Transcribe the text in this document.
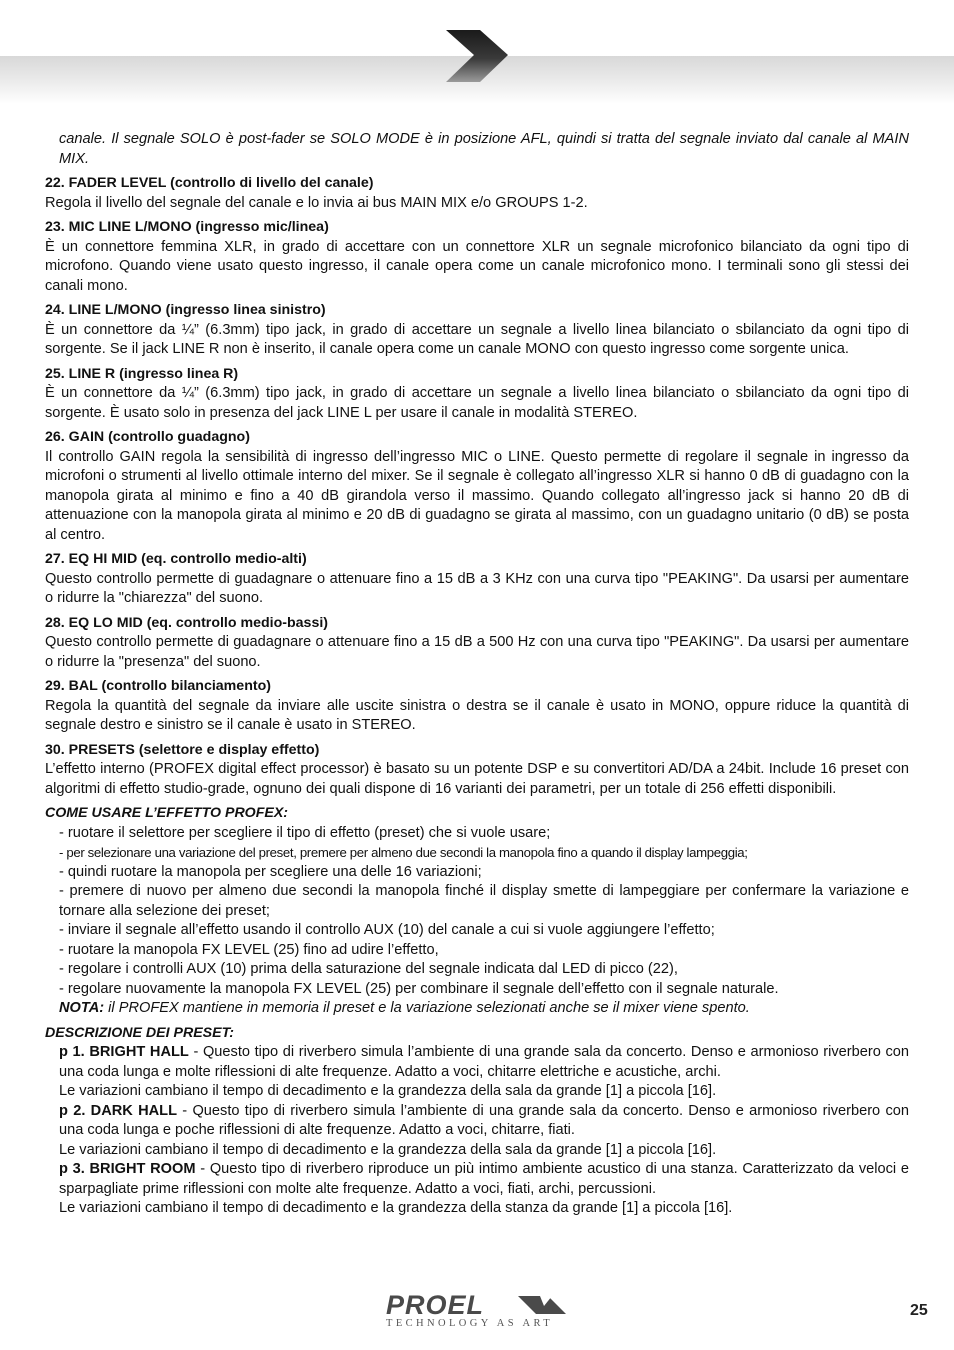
canale. Il segnale SOLO è post-fader se SOLO MODE è in posizione AFL, quindi si tratta del segnale inviato dal canale al MAIN MIX.

22. FADER LEVEL (controllo di livello del canale)

Regola il livello del segnale del canale e lo invia ai bus MAIN MIX e/o GROUPS 1-2.

23. MIC LINE L/MONO (ingresso mic/linea)

È un connettore femmina XLR, in grado di accettare con un connettore XLR un segnale microfonico bilanciato da ogni tipo di microfono. Quando viene usato questo ingresso, il canale opera come un canale microfonico mono. I terminali sono gli stessi dei canali mono.

24. LINE L/MONO (ingresso linea sinistro)

È un connettore da ¼” (6.3mm) tipo jack, in grado di accettare un segnale a livello linea bilanciato o sbilanciato da ogni tipo di sorgente. Se il jack LINE R non è inserito, il canale opera come un canale MONO con questo ingresso come sorgente unica.

25. LINE R (ingresso linea R)

È un connettore da ¼” (6.3mm) tipo jack, in grado di accettare un segnale a livello linea bilanciato o sbilanciato da ogni tipo di sorgente. È usato solo in presenza del jack LINE L per usare il canale in modalità STEREO.

26. GAIN (controllo guadagno)

Il controllo GAIN regola la sensibilità di ingresso dell’ingresso MIC o LINE. Questo permette di regolare il segnale in ingresso da microfoni o strumenti al livello ottimale interno del mixer. Se il segnale è collegato all’ingresso XLR si hanno 0 dB di guadagno con la manopola girata al minimo e fino a 40 dB girandola verso il massimo. Quando collegato all’ingresso jack si hanno 20 dB di attenuazione con la manopola girata al minimo e 20 dB di guadagno se girata al massimo, con un guadagno unitario (0 dB) se posta al centro.

27. EQ HI MID (eq. controllo medio-alti)

Questo controllo permette di guadagnare o attenuare fino a 15 dB a 3 KHz con una curva tipo "PEAKING". Da usarsi per aumentare o ridurre la "chiarezza" del suono.

28. EQ LO MID (eq. controllo medio-bassi)

Questo controllo permette di guadagnare o attenuare fino a 15 dB a 500 Hz con una curva tipo "PEAKING". Da usarsi per aumentare o ridurre la "presenza" del suono.

29. BAL (controllo bilanciamento)

Regola la quantità del segnale da inviare alle uscite sinistra o destra se il canale è usato in MONO, oppure riduce la quantità di segnale destro e sinistro se il canale è usato in STEREO.

30. PRESETS (selettore e display effetto)

L’effetto interno (PROFEX digital effect processor) è basato su un potente DSP e su convertitori AD/DA a 24bit. Include 16 preset con algoritmi di effetto studio-grade, ognuno dei quali dispone di 16 varianti dei parametri, per un totale di 256 effetti disponibili.

COME USARE L’EFFETTO PROFEX:

- ruotare il selettore per scegliere il tipo di effetto (preset) che si vuole usare;

- per selezionare una variazione del preset, premere per almeno due secondi la manopola fino a quando il display lampeggia;

- quindi ruotare la manopola per scegliere una delle 16 variazioni;

- premere di nuovo per almeno due secondi la manopola finché il display smette di lampeggiare per confermare la variazione e tornare alla selezione dei preset;

- inviare il segnale all’effetto usando il controllo AUX (10) del canale a cui si vuole aggiungere l’effetto;

- ruotare la manopola FX LEVEL (25) fino ad udire l’effetto,

- regolare i controlli AUX (10) prima della saturazione del segnale indicata dal LED di picco (22),

- regolare nuovamente la manopola FX LEVEL (25) per combinare il segnale dell’effetto con il segnale naturale.

NOTA: il PROFEX mantiene in memoria il preset e la variazione selezionati anche se il mixer viene spento.

DESCRIZIONE DEI PRESET:

p 1. BRIGHT HALL - Questo tipo di riverbero simula l’ambiente di una grande sala da concerto. Denso e armonioso riverbero con una coda lunga e molte riflessioni di alte frequenze. Adatto a voci, chitarre elettriche e acustiche, archi.

Le variazioni cambiano il tempo di decadimento e la grandezza della sala da grande [1] a piccola [16].

p 2. DARK HALL - Questo tipo di riverbero simula l’ambiente di una grande sala da concerto. Denso e armonioso riverbero con una coda lunga e poche riflessioni di alte frequenze. Adatto a voci, chitarre, fiati.

Le variazioni cambiano il tempo di decadimento e la grandezza della sala da grande [1] a piccola [16].

p 3. BRIGHT ROOM - Questo tipo di riverbero riproduce un più intimo ambiente acustico di una stanza. Caratterizzato da veloci e sparpagliate prime riflessioni con molte alte frequenze. Adatto a voci, fiati, archi, percussioni.

Le variazioni cambiano il tempo di decadimento e la grandezza della stanza da grande [1] a piccola [16].

PROEL
TECHNOLOGY AS ART
25
